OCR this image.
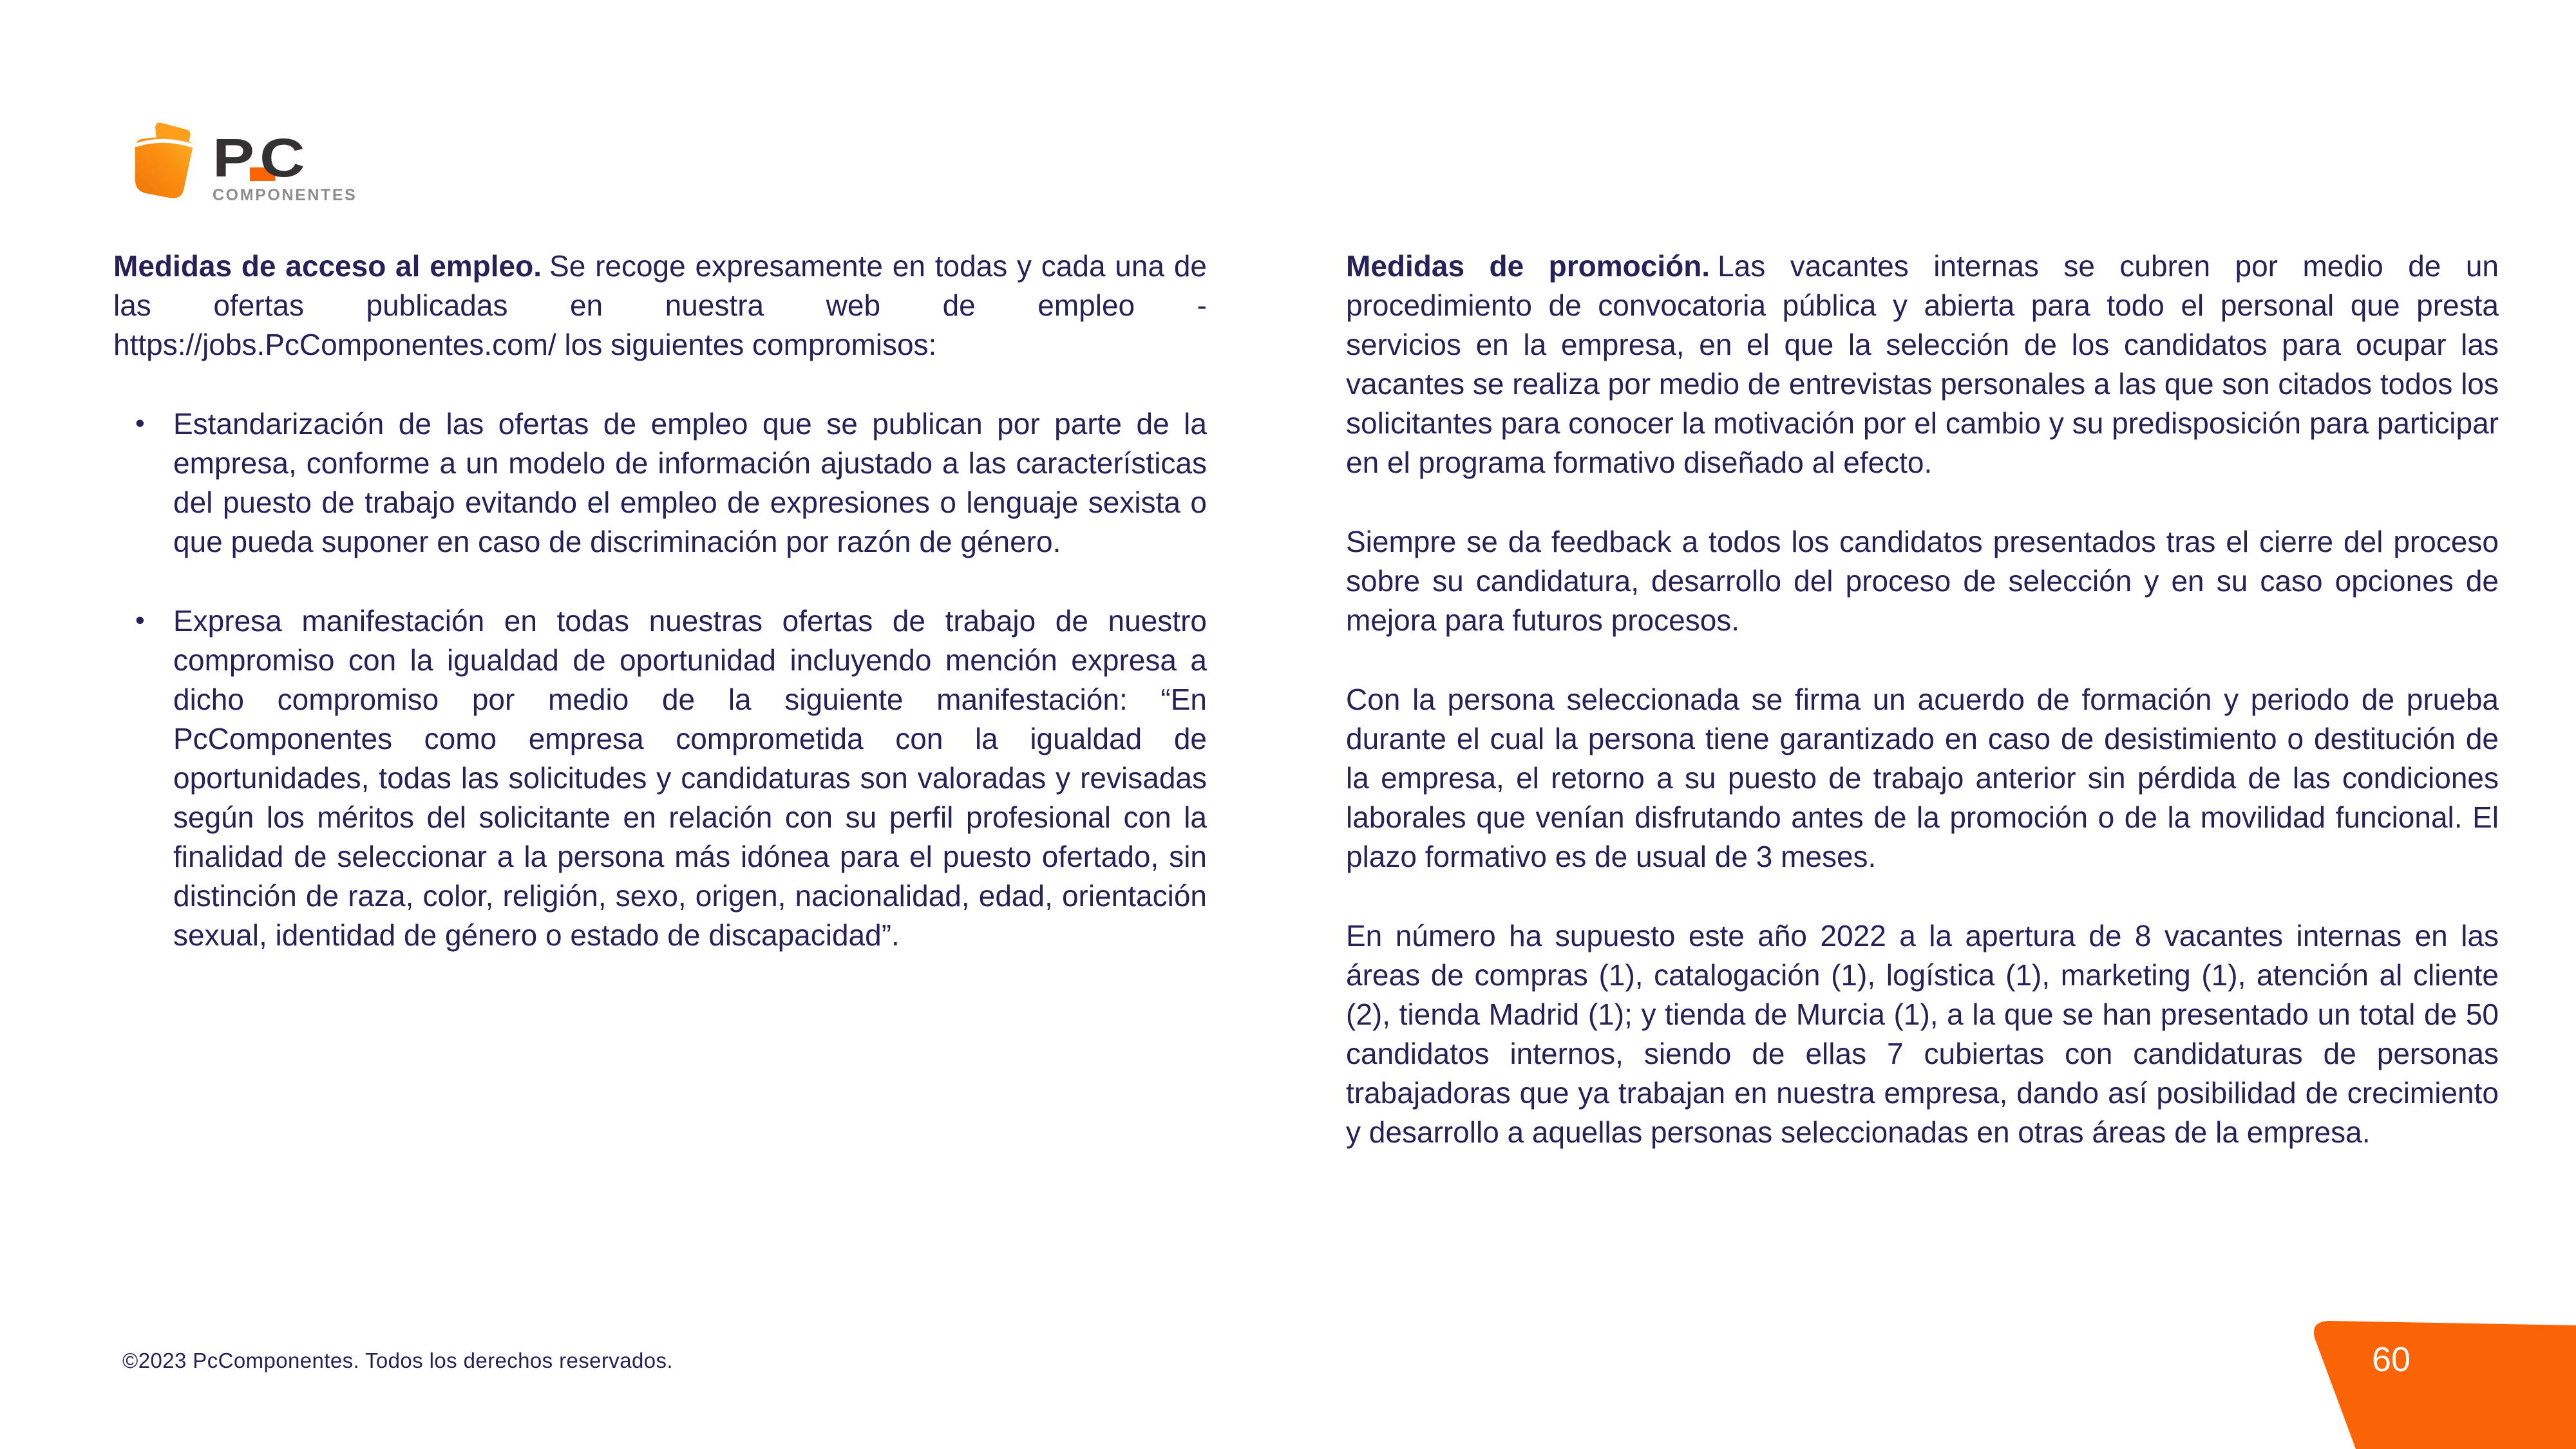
PC
COMPONENTES

Medidas de acceso al empleo. Se recoge expresamente en todas y cada una de las ofertas publicadas en nuestra web de empleo - https://jobs.PcComponentes.com/ los siguientes compromisos:

• Estandarización de las ofertas de empleo que se publican por parte de la empresa, conforme a un modelo de información ajustado a las características del puesto de trabajo evitando el empleo de expresiones o lenguaje sexista o que pueda suponer en caso de discriminación por razón de género.
• Expresa manifestación en todas nuestras ofertas de trabajo de nuestro compromiso con la igualdad de oportunidad incluyendo mención expresa a dicho compromiso por medio de la siguiente manifestación: “En PcComponentes como empresa comprometida con la igualdad de oportunidades, todas las solicitudes y candidaturas son valoradas y revisadas según los méritos del solicitante en relación con su perfil profesional con la finalidad de seleccionar a la persona más idónea para el puesto ofertado, sin distinción de raza, color, religión, sexo, origen, nacionalidad, edad, orientación sexual, identidad de género o estado de discapacidad”.

Medidas de promoción. Las vacantes internas se cubren por medio de un procedimiento de convocatoria pública y abierta para todo el personal que presta servicios en la empresa, en el que la selección de los candidatos para ocupar las vacantes se realiza por medio de entrevistas personales a las que son citados todos los solicitantes para conocer la motivación por el cambio y su predisposición para participar en el programa formativo diseñado al efecto.

Siempre se da feedback a todos los candidatos presentados tras el cierre del proceso sobre su candidatura, desarrollo del proceso de selección y en su caso opciones de mejora para futuros procesos.

Con la persona seleccionada se firma un acuerdo de formación y periodo de prueba durante el cual la persona tiene garantizado en caso de desistimiento o destitución de la empresa, el retorno a su puesto de trabajo anterior sin pérdida de las condiciones laborales que venían disfrutando antes de la promoción o de la movilidad funcional. El plazo formativo es de usual de 3 meses.

En número ha supuesto este año 2022 a la apertura de 8 vacantes internas en las áreas de compras (1), catalogación (1), logística (1), marketing (1), atención al cliente (2), tienda Madrid (1); y tienda de Murcia (1), a la que se han presentado un total de 50 candidatos internos, siendo de ellas 7 cubiertas con candidaturas de personas trabajadoras que ya trabajan en nuestra empresa, dando así posibilidad de crecimiento y desarrollo a aquellas personas seleccionadas en otras áreas de la empresa.

©2023 PcComponentes. Todos los derechos reservados.	60
